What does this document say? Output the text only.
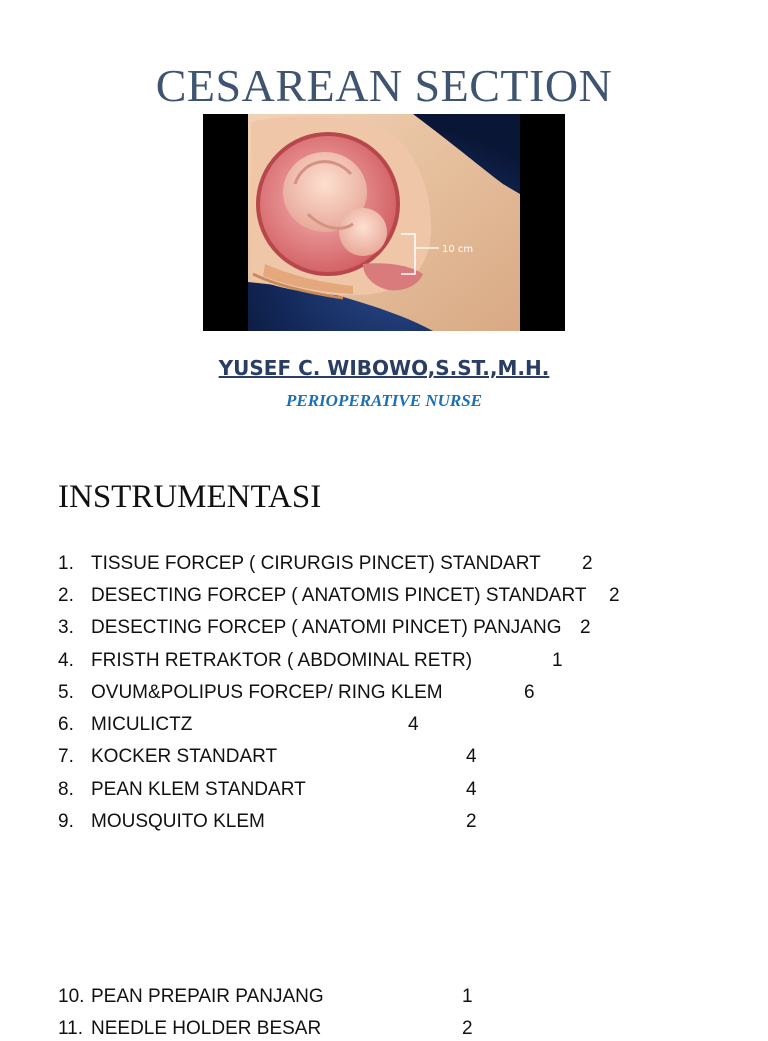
CESAREAN SECTION
10 cm
YUSEF C. WIBOWO,S.ST.,M.H.
PERIOPERATIVE NURSE
INSTRUMENTASI
1. TISSUE FORCEP ( CIRURGIS PINCET) STANDART 2
2. DESECTING FORCEP ( ANATOMIS PINCET) STANDART 2
3. DESECTING FORCEP ( ANATOMI PINCET) PANJANG 2
4. FRISTH RETRAKTOR ( ABDOMINAL RETR)	1
5. OVUM&POLIPUS FORCEP/ RING KLEM	6
6. MICULICTZ	4
7. KOCKER STANDART	4
8. PEAN KLEM STANDART	4
9. MOUSQUITO KLEM	2
10. PEAN PREPAIR PANJANG	1
11. NEEDLE HOLDER BESAR	2
